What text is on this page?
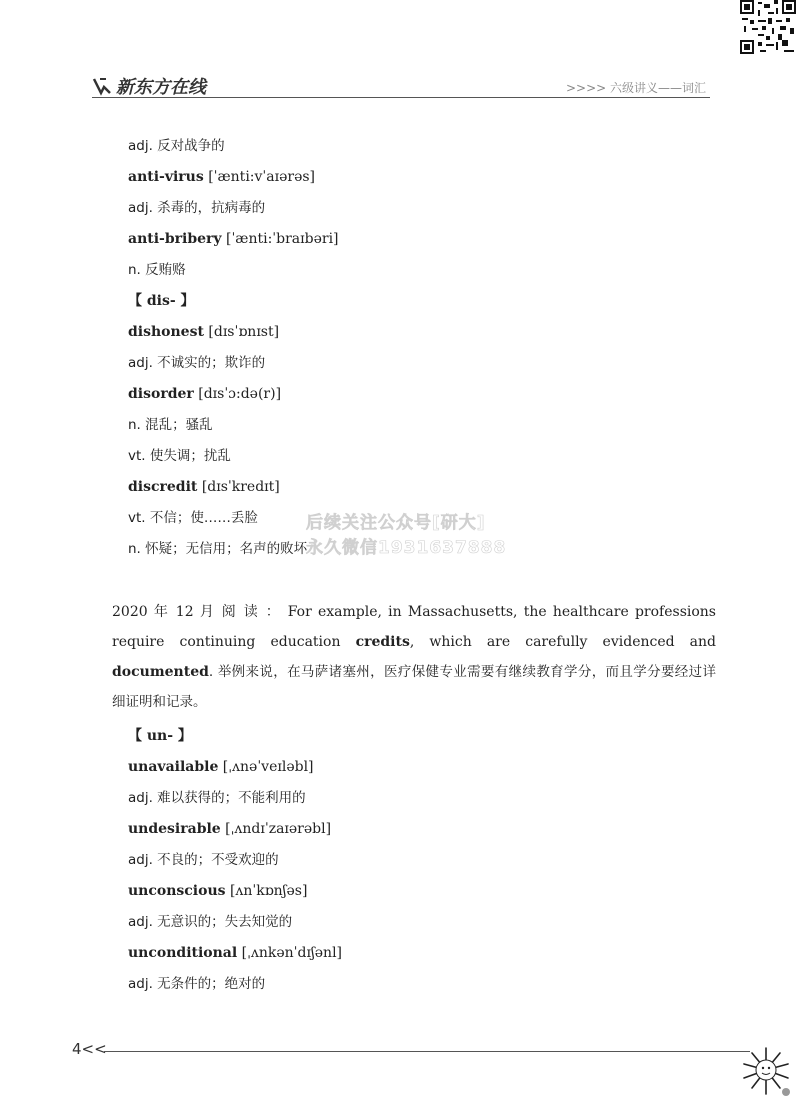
新东方在线	>>>> 六级讲义——词汇
adj. 反对战争的
anti-virus [ˈænti:vˈaɪərəs]
adj. 杀毒的，抗病毒的
anti-bribery [ˈænti:ˈbraɪbəri]
n. 反贿赂
【 dis- 】
dishonest [dɪsˈɒnɪst]
adj. 不诚实的；欺诈的
disorder [dɪsˈɔ:də(r)]
n. 混乱；骚乱
vt. 使失调；扰乱
discredit [dɪsˈkredɪt]
vt. 不信；使……丢脸
n. 怀疑；无信用；名声的败坏
后续关注公众号[研大]
永久微信1931637888
2020 年 12 月 阅 读 ： For example, in Massachusetts, the healthcare professions require continuing education credits, which are carefully evidenced and documented. 举例来说，在马萨诸塞州，医疗保健专业需要有继续教育学分，而且学分要经过详细证明和记录。
【 un- 】
unavailable [ˌʌnəˈveɪləbl]
adj. 难以获得的；不能利用的
undesirable [ˌʌndɪˈzaɪərəbl]
adj. 不良的；不受欢迎的
unconscious [ʌnˈkɒnʃəs]
adj. 无意识的；失去知觉的
unconditional [ˌʌnkənˈdɪʃənl]
adj. 无条件的；绝对的
4<<
